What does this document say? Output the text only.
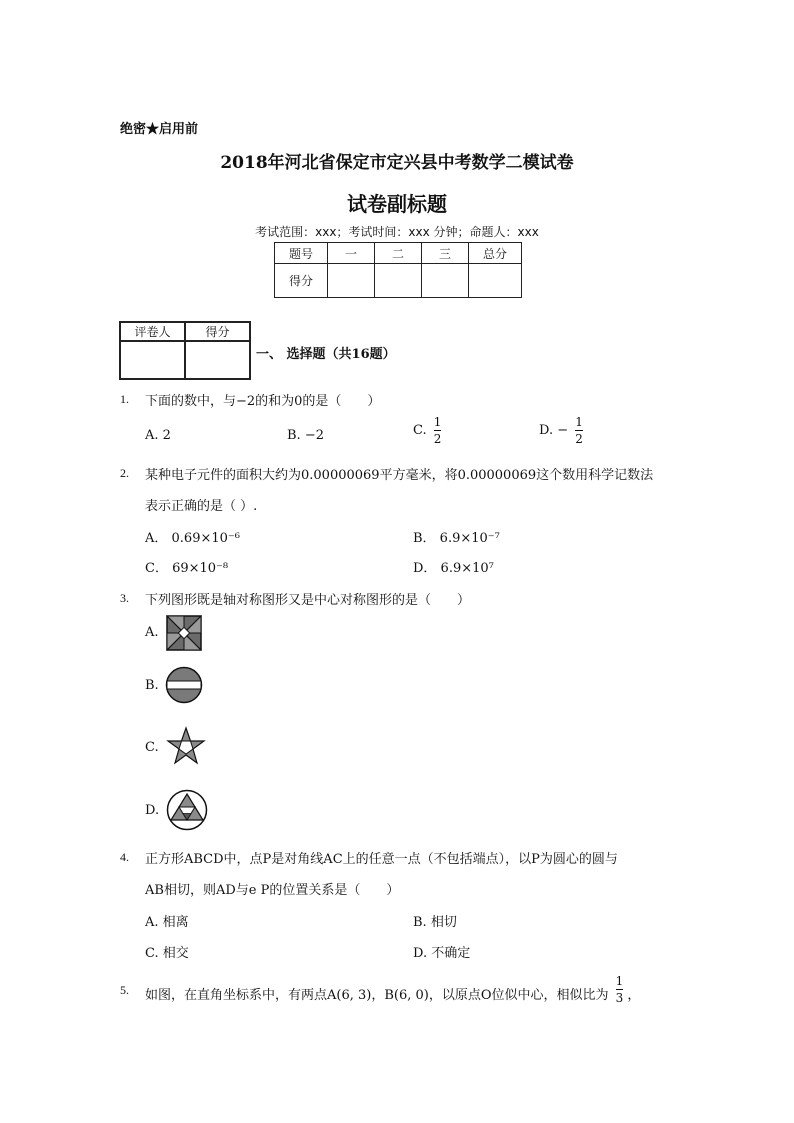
绝密★启用前
2018年河北省保定市定兴县中考数学二模试卷
试卷副标题
考试范围：xxx；考试时间：xxx 分钟；命题人：xxx
题号	一	二	三	总分
得分				
评卷人	得分

一、 选择题（共16题）
1. 下面的数中，与−2的和为0的是（　　）
A. 2	B. −2	C. $\frac{1}{2}$	D. − $\frac{1}{2}$
2. 某种电子元件的面积大约为0.00000069平方毫米，将0.00000069这个数用科学记数法
表示正确的是（ ）.
A． 0.69×10⁻⁶	B． 6.9×10⁻⁷
C． 69×10⁻⁸	D． 6.9×10⁷
3. 下列图形既是轴对称图形又是中心对称图形的是（　　）
A.
B.
C.
D.
4. 正方形ABCD中，点P是对角线AC上的任意一点（不包括端点），以P为圆心的圆与
AB相切，则AD与e P的位置关系是（　　）
A. 相离	B. 相切
C. 相交	D. 不确定
5. 如图，在直角坐标系中，有两点A(6, 3)，B(6, 0)，以原点O位似中心，相似比为 $\frac{1}{3}$ ，
